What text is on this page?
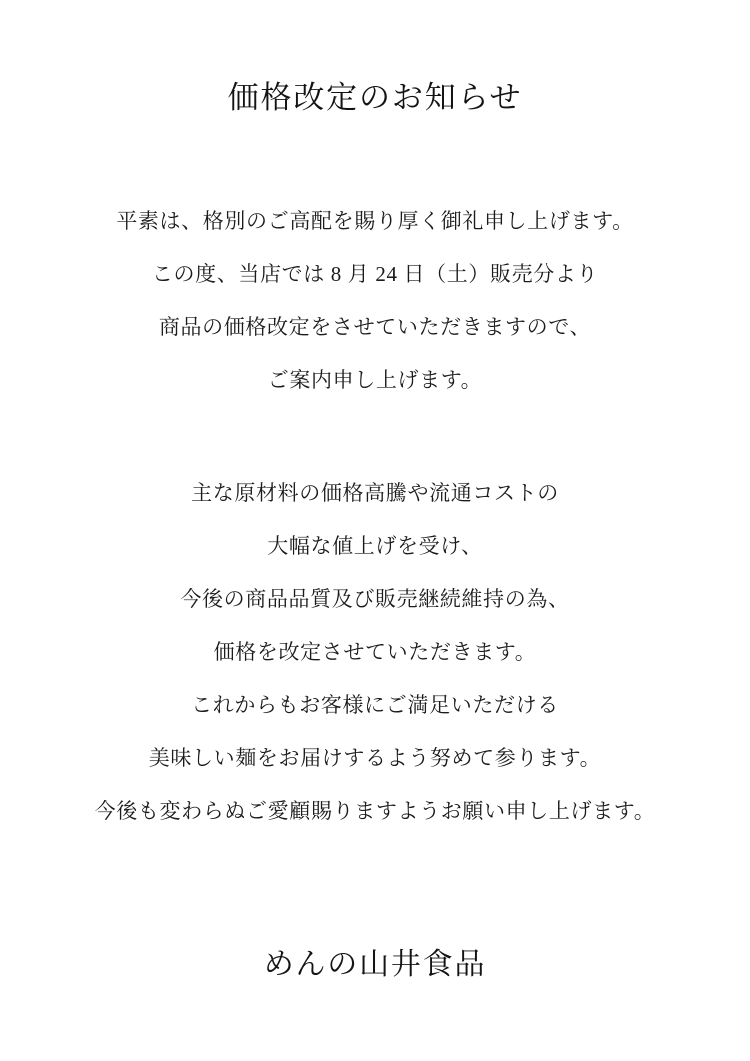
価格改定のお知らせ
平素は、格別のご高配を賜り厚く御礼申し上げます。
この度、当店では 8 月 24 日（土）販売分より
商品の価格改定をさせていただきますので、
ご案内申し上げます。
主な原材料の価格高騰や流通コストの
大幅な値上げを受け、
今後の商品品質及び販売継続維持の為、
価格を改定させていただきます。
これからもお客様にご満足いただける
美味しい麺をお届けするよう努めて参ります。
今後も変わらぬご愛顧賜りますようお願い申し上げます。
めんの山井食品
